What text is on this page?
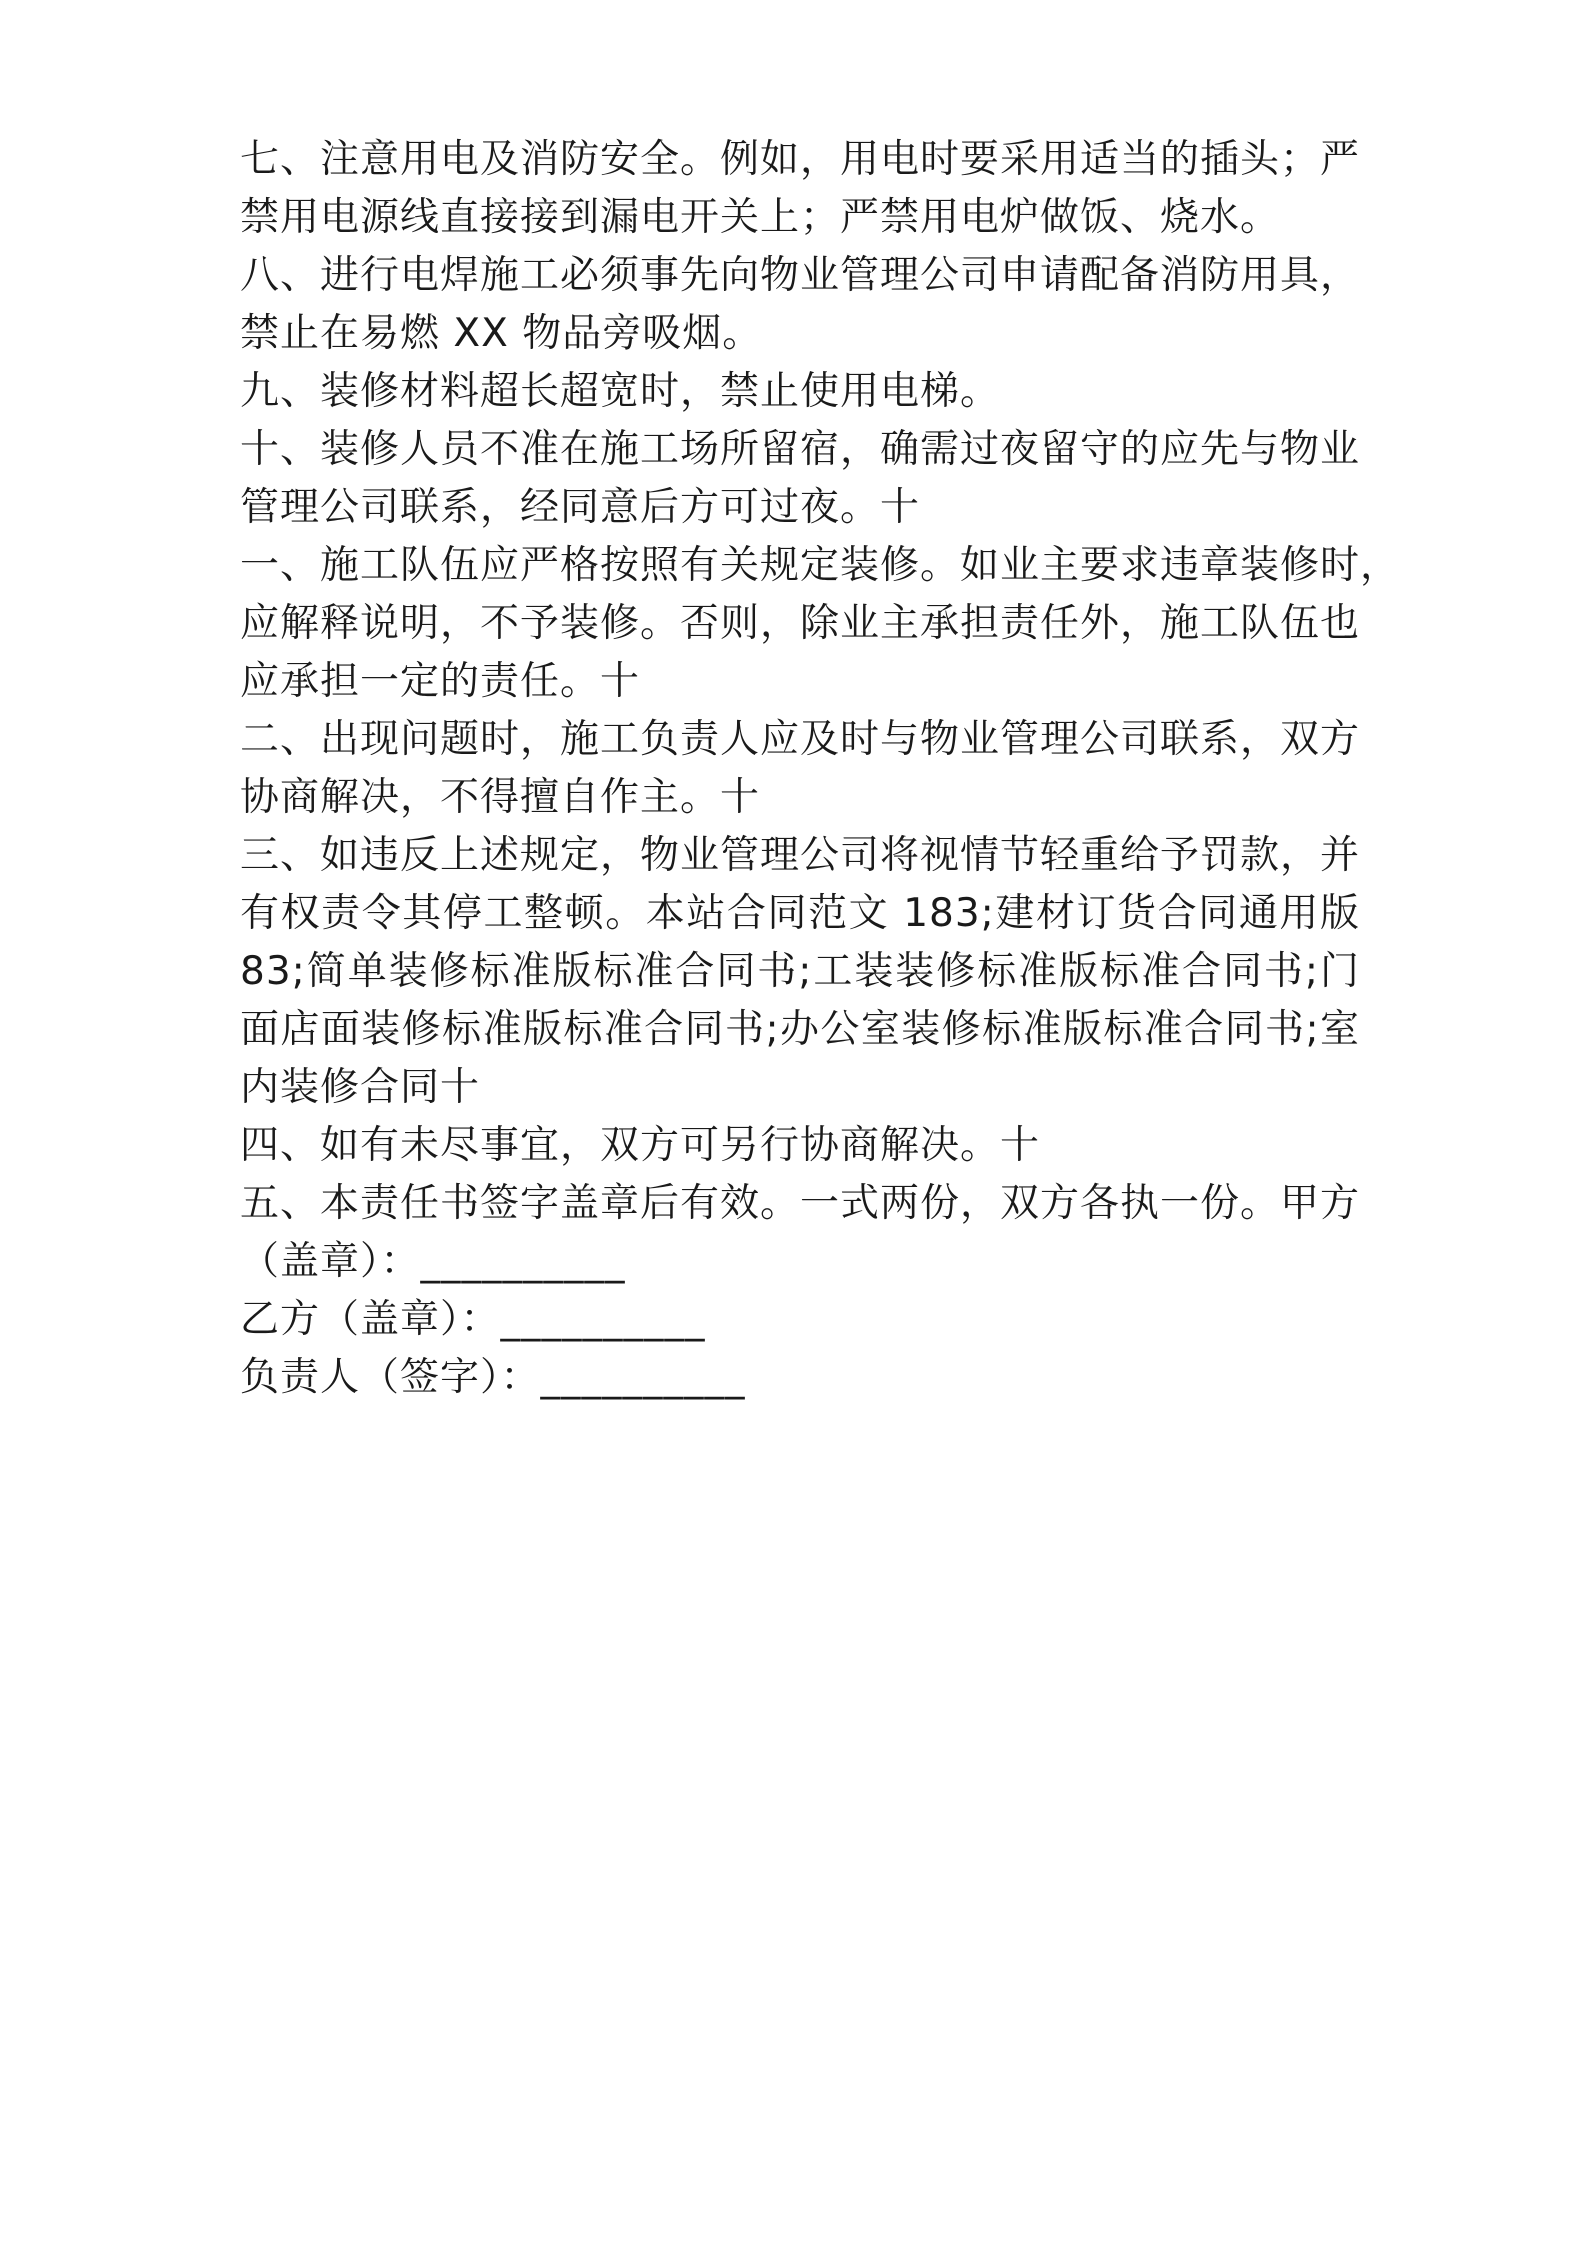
七、注意用电及消防安全。例如，用电时要采用适当的插头；严
禁用电源线直接接到漏电开关上；严禁用电炉做饭、烧水。
八、进行电焊施工必须事先向物业管理公司申请配备消防用具，
禁止在易燃 XX 物品旁吸烟。
九、装修材料超长超宽时，禁止使用电梯。
十、装修人员不准在施工场所留宿，确需过夜留守的应先与物业
管理公司联系，经同意后方可过夜。十
一、施工队伍应严格按照有关规定装修。如业主要求违章装修时，
应解释说明，不予装修。否则，除业主承担责任外，施工队伍也
应承担一定的责任。十
二、出现问题时，施工负责人应及时与物业管理公司联系，双方
协商解决，不得擅自作主。十
三、如违反上述规定，物业管理公司将视情节轻重给予罚款，并
有权责令其停工整顿。本站合同范文 183;建材订货合同通用版
83;简单装修标准版标准合同书;工装装修标准版标准合同书;门
面店面装修标准版标准合同书;办公室装修标准版标准合同书;室
内装修合同十
四、如有未尽事宜，双方可另行协商解决。十
五、本责任书签字盖章后有效。一式两份，双方各执一份。甲方
（盖章）：__________
乙方（盖章）：__________
负责人（签字）：__________
